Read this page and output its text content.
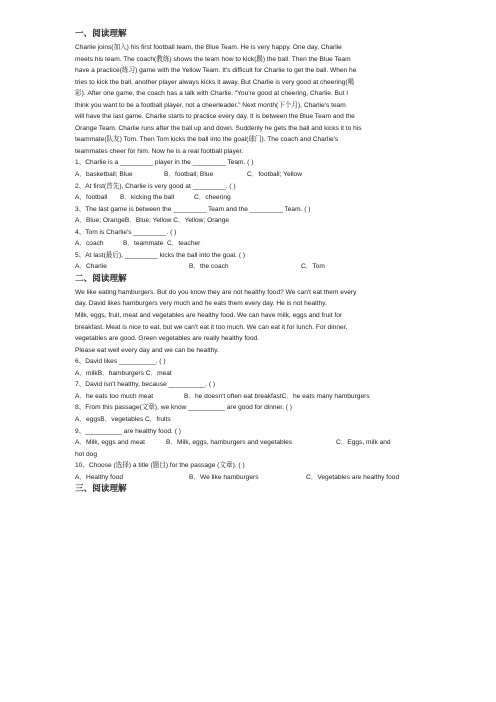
一、阅读理解
Charlie joins(加入) his first football team, the Blue Team. He is very happy. One day, Charlie
meets his team. The coach(教练) shows the team how to kick(踢) the ball. Then the Blue Team
have a practice(练习) game with the Yellow Team. It's difficult for Charlie to get the ball. When he
tries to kick the ball, another player always kicks it away. But Charlie is very good at cheering(喝
彩). After one game, the coach has a talk with Charlie. "You're good at cheering, Charlie. But I
think you want to be a football player, not a cheerleader." Next month(下个月), Charlie's team
will have the last game. Charlie starts to practice every day. It is between the Blue Team and the
Orange Team. Charlie runs after the ball up and down. Suddenly he gets the ball and kicks it to his
teammate(队友) Tom. Then Tom kicks the ball into the goal(球门). The coach and Charlie's
teammates cheer for him. Now he is a real football player.
1、Charlie is a _________ player in the _________ Team. ( )
A．basketball; Blue	B．football; Blue	C．football; Yellow
2、At first(首先), Charlie is very good at _________. ( )
A．football B．kicking the ball	C．cheering
3、The last game is between the _________ Team and the _________ Team. ( )
A．Blue; OrangeB．Blue; Yellow C．Yellow; Orange
4、Tom is Charlie's _________. ( )
A．coach	B．teammate C．teacher
5、At last(最后), _________ kicks the ball into the goal. ( )
A．Charlie	B．the coach	C．Tom
二、阅读理解
We like eating hamburgers. But do you know they are not healthy food? We can't eat them every
day. David likes hamburgers very much and he eats them every day. He is not healthy.
Milk, eggs, fruit, meat and vegetables are healthy food. We can have milk, eggs and fruit for
breakfast. Meat is nice to eat, but we can't eat it too much. We can eat it for lunch. For dinner,
vegetables are good. Green vegetables are really healthy food.
Please eat well every day and we can be healthy.
6、David likes __________. ( )
A．milkB．hamburgers C．meat
7、David isn't healthy, because __________. ( )
A．he eats too much meat	B．he doesn't often eat breakfastC．he eats many hamburgers
8、From this passage(文章), we know __________ are good for dinner. ( )
A．eggsB．vegetables C．fruits
9、__________ are healthy food. ( )
A．Milk, eggs and meat	B．Milk, eggs, hamburgers and vegetables	C．Eggs, milk and
hot dog
10、Choose (选择) a title (题目) for the passage (文章). ( )
A．Healthy food	B．We like hamburgers	C．Vegetables are healthy food
三、阅读理解
